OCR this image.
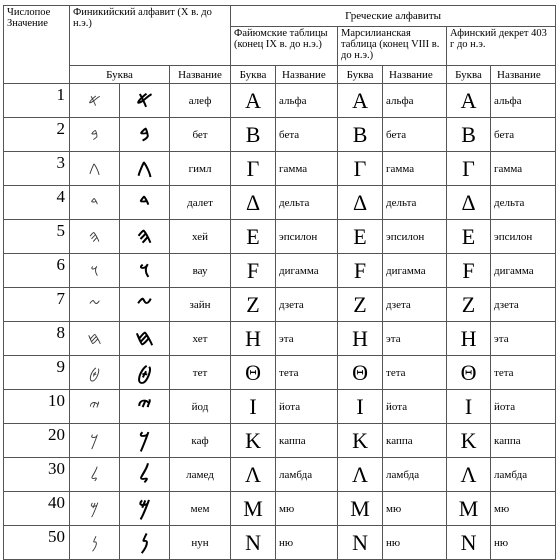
Числопое Значение	Финикийский алфавит (X в. до н.э.)			Греческие алфавиты					
				Файюмские таблицы (конец IX в. до н.э.)		Марсилианская таблица (конец VIII в. до н.э.)		Афинский декрет 403 г до н.э.	
	Буква		Название	Буква	Название	Буква	Название	Буква	Название
1	𐤀	𐤀	алеф	Α	альфа	Α	альфа	Α	альфа
2	𐤁	𐤁	бет	Β	бета	Β	бета	Β	бета
3	𐤂	𐤂	гимл	Γ	гамма	Γ	гамма	Γ	гамма
4	𐤃	𐤃	далет	Δ	дельта	Δ	дельта	Δ	дельта
5	𐤄	𐤄	хей	Ε	эпсилон	Ε	эпсилон	Ε	эпсилон
6	𐤅	𐤅	вау	F	дигамма	F	дигамма	F	дигамма
7	𐤆	𐤆	зайн	Ζ	дзета	Ζ	дзета	Ζ	дзета
8	𐤇	𐤇	хет	Η	эта	Η	эта	Η	эта
9	𐤈	𐤈	тет	Θ	тета	Θ	тета	Θ	тета
10	𐤉	𐤉	йод	Ι	йота	Ι	йота	Ι	йота
20	𐤊	𐤊	каф	Κ	каппа	Κ	каппа	Κ	каппа
30	𐤋	𐤋	ламед	Λ	ламбда	Λ	ламбда	Λ	ламбда
40	𐤌	𐤌	мем	Μ	мю	Μ	мю	Μ	мю
50	𐤍	𐤍	нун	Ν	ню	Ν	ню	Ν	ню
